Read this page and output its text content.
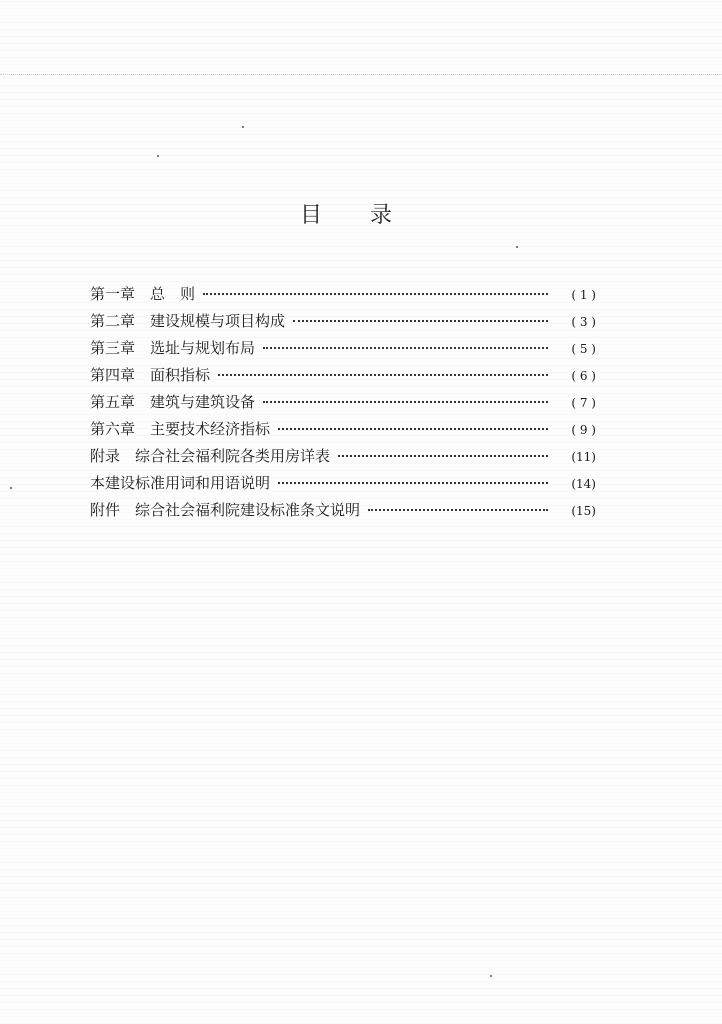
目 录
第一章　总　则	( 1 )
第二章　建设规模与项目构成	( 3 )
第三章　选址与规划布局	( 5 )
第四章　面积指标	( 6 )
第五章　建筑与建筑设备	( 7 )
第六章　主要技术经济指标	( 9 )
附录　综合社会福利院各类用房详表	(11)
本建设标准用词和用语说明	(14)
附件　综合社会福利院建设标准条文说明	(15)
